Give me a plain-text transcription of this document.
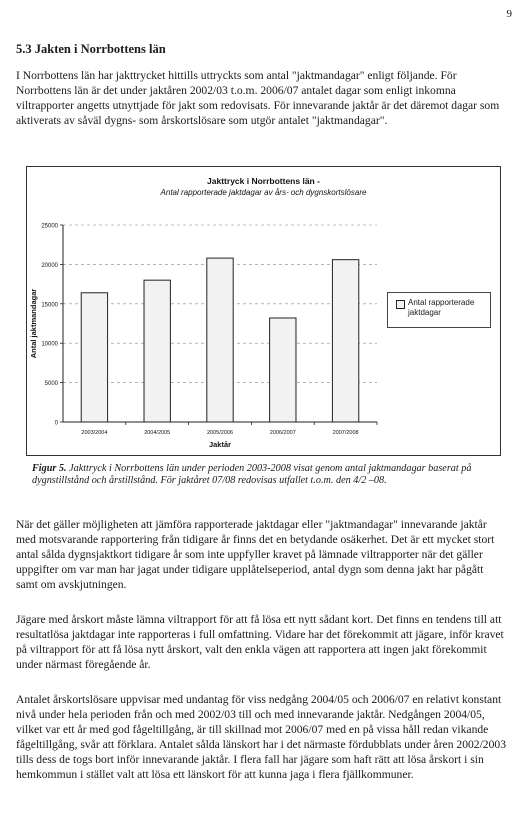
9
5.3 Jakten i Norrbottens län

I Norrbottens län har jakttrycket hittills uttryckts som antal "jaktmandagar" enligt följande. För Norrbottens län är det under jaktåren 2002/03 t.o.m. 2006/07 antalet dagar som enligt inkomna viltrapporter angetts utnyttjade för jakt som redovisats. För innevarande jaktår är det däremot dagar som aktiverats av såväl dygns- som årskortslösare som utgör antalet "jaktmandagar".

Jakttryck i Norrbottens län -
Antal rapporterade jaktdagar av års- och dygnskortslösare
0
5000
10000
15000
20000
25000
2003/2004	2004/2005	2005/2006	2006/2007	2007/2008
Jaktår
Antal jaktmandagar	Antal rapporterade jaktdagar

Figur 5. Jakttryck i Norrbottens län under perioden 2003-2008 visat genom antal jaktmandagar baserat på dygnstillstånd och årstillstånd. För jaktåret 07/08 redovisas utfallet t.o.m. den 4/2 –08.

När det gäller möjligheten att jämföra rapporterade jaktdagar eller "jaktmandagar" innevarande jaktår med motsvarande rapportering från tidigare år finns det en betydande osäkerhet. Det är ett mycket stort antal sålda dygnsjaktkort tidigare år som inte uppfyller kravet på lämnade viltrapporter när det gäller uppgifter om var man har jagat under tidigare upplåtelseperiod, antal dygn som denna jakt har pågått samt om avskjutningen.

Jägare med årskort måste lämna viltrapport för att få lösa ett nytt sådant kort. Det finns en tendens till att resultatlösa jaktdagar inte rapporteras i full omfattning. Vidare har det förekommit att jägare, inför kravet på viltrapport för att få lösa nytt årskort, valt den enkla vägen att rapportera att ingen jakt förekommit under närmast föregående år.

Antalet årskortslösare uppvisar med undantag för viss nedgång 2004/05 och 2006/07 en relativt konstant nivå under hela perioden från och med 2002/03 till och med innevarande jaktår. Nedgången 2004/05, vilket var ett år med god fågeltillgång, är till skillnad mot 2006/07 med en på vissa håll redan vikande fågeltillgång, svår att förklara. Antalet sålda länskort har i det närmaste fördubblats under åren 2002/2003 tills dess de togs bort inför innevarande jaktår. I flera fall har jägare som haft rätt att lösa årskort i sin hemkommun i stället valt att lösa ett länskort för att kunna jaga i flera fjällkommuner.
